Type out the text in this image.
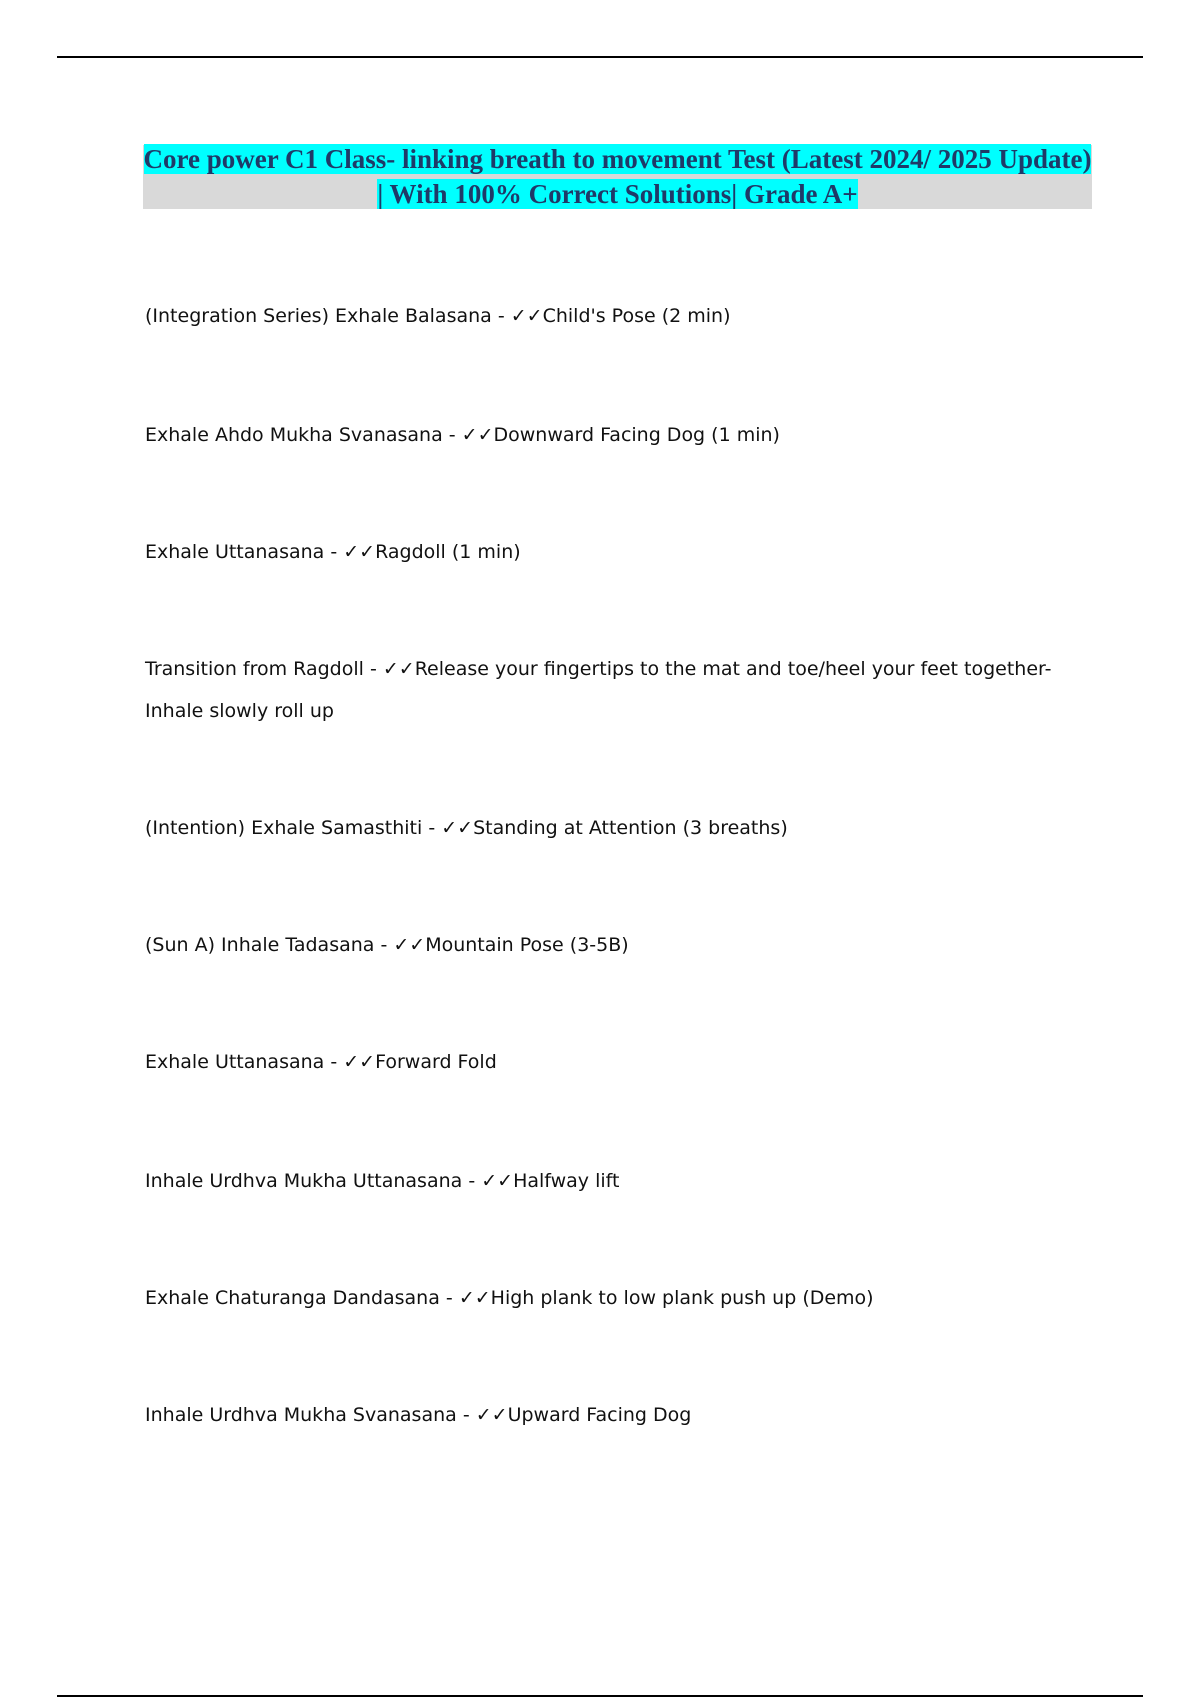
Core power C1 Class- linking breath to movement Test (Latest 2024/ 2025 Update) | With 100% Correct Solutions| Grade A+
(Integration Series) Exhale Balasana - ✓✓Child's Pose (2 min)
Exhale Ahdo Mukha Svanasana - ✓✓Downward Facing Dog (1 min)
Exhale Uttanasana - ✓✓Ragdoll (1 min)
Transition from Ragdoll - ✓✓Release your fingertips to the mat and toe/heel your feet together- Inhale slowly roll up
(Intention) Exhale Samasthiti - ✓✓Standing at Attention (3 breaths)
(Sun A) Inhale Tadasana - ✓✓Mountain Pose (3-5B)
Exhale Uttanasana - ✓✓Forward Fold
Inhale Urdhva Mukha Uttanasana - ✓✓Halfway lift
Exhale Chaturanga Dandasana - ✓✓High plank to low plank push up (Demo)
Inhale Urdhva Mukha Svanasana - ✓✓Upward Facing Dog
